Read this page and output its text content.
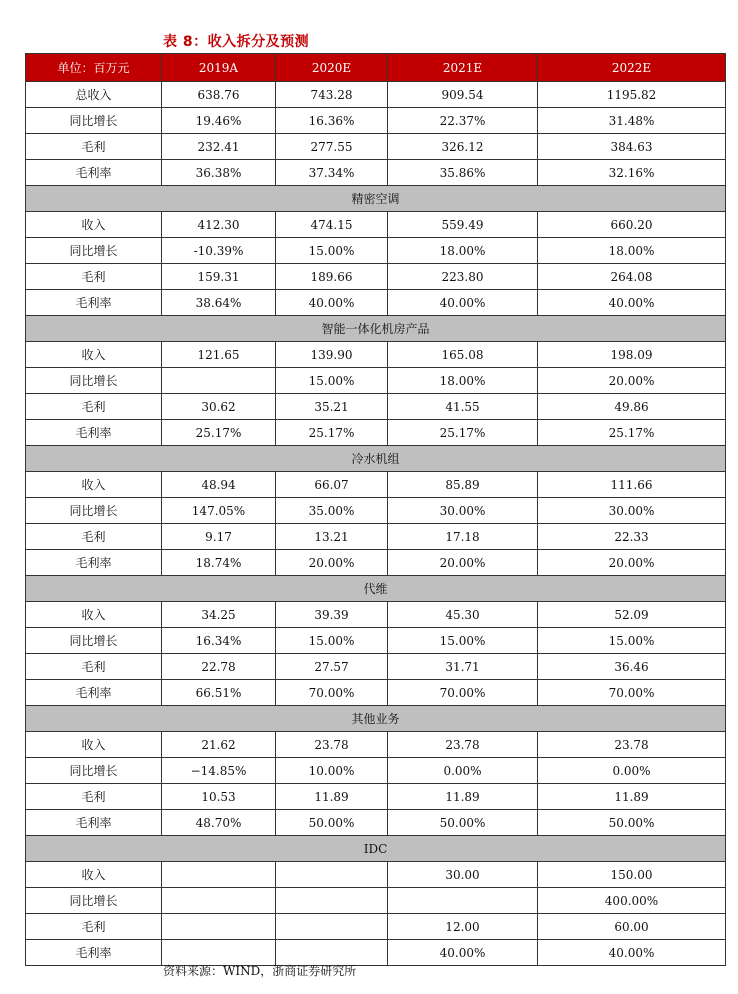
表 8：收入拆分及预测
单位：百万元	2019A	2020E	2021E	2022E
总收入	638.76	743.28	909.54	1195.82
同比增长	19.46%	16.36%	22.37%	31.48%
毛利	232.41	277.55	326.12	384.63
毛利率	36.38%	37.34%	35.86%	32.16%
精密空调				
收入	412.30	474.15	559.49	660.20
同比增长	-10.39%	15.00%	18.00%	18.00%
毛利	159.31	189.66	223.80	264.08
毛利率	38.64%	40.00%	40.00%	40.00%
智能一体化机房产品				
收入	121.65	139.90	165.08	198.09
同比增长		15.00%	18.00%	20.00%
毛利	30.62	35.21	41.55	49.86
毛利率	25.17%	25.17%	25.17%	25.17%
冷水机组				
收入	48.94	66.07	85.89	111.66
同比增长	147.05%	35.00%	30.00%	30.00%
毛利	9.17	13.21	17.18	22.33
毛利率	18.74%	20.00%	20.00%	20.00%
代维				
收入	34.25	39.39	45.30	52.09
同比增长	16.34%	15.00%	15.00%	15.00%
毛利	22.78	27.57	31.71	36.46
毛利率	66.51%	70.00%	70.00%	70.00%
其他业务				
收入	21.62	23.78	23.78	23.78
同比增长	−14.85%	10.00%	0.00%	0.00%
毛利	10.53	11.89	11.89	11.89
毛利率	48.70%	50.00%	50.00%	50.00%
IDC				
收入			30.00	150.00
同比增长				400.00%
毛利			12.00	60.00
毛利率			40.00%	40.00%
资料来源：WIND，浙商证券研究所
